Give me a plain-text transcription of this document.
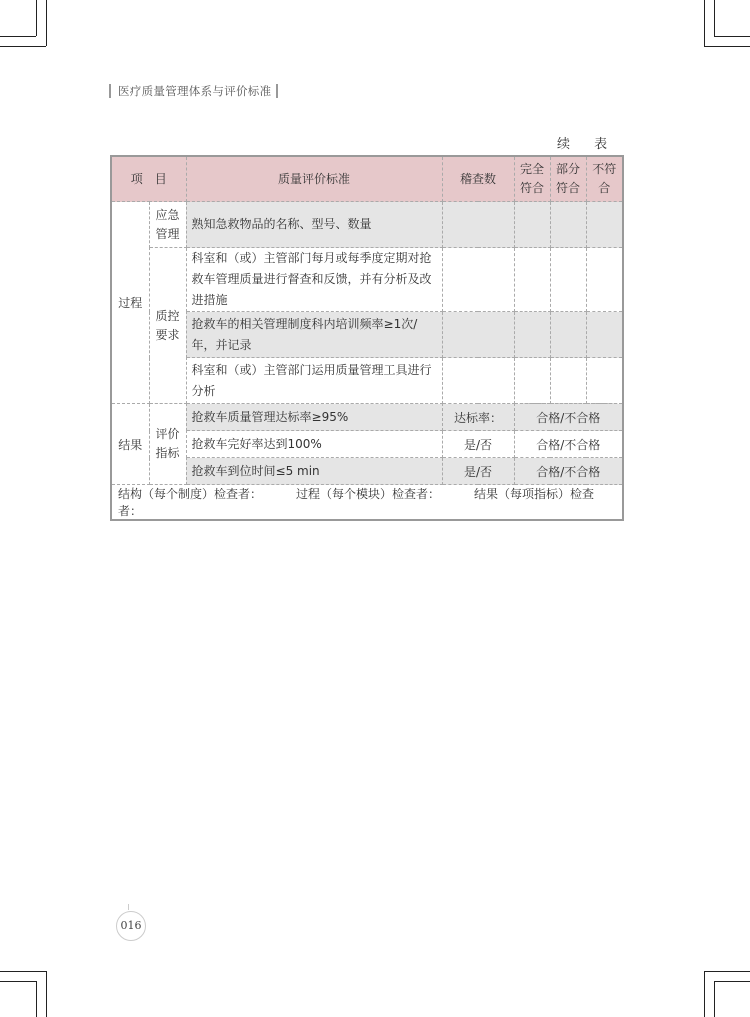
医疗质量管理体系与评价标准
续 表
项　目		质量评价标准	稽查数	完全符合	部分符合	不符合
过程	应急管理	熟知急救物品的名称、型号、数量				
	质控要求	科室和（或）主管部门每月或每季度定期对抢救车管理质量进行督查和反馈，并有分析及改进措施				
		抢救车的相关管理制度科内培训频率≥1次/年，并记录				
		科室和（或）主管部门运用质量管理工具进行分析				

结果	评价指标	抢救车质量管理达标率≥95%	达标率：	合格/不合格		
		抢救车完好率达到100%	是/否	合格/不合格		
		抢救车到位时间≤5 min	是/否	合格/不合格		
结构（每个制度）检查者： 过程（每个模块）检查者： 结果（每项指标）检查者：						
016
